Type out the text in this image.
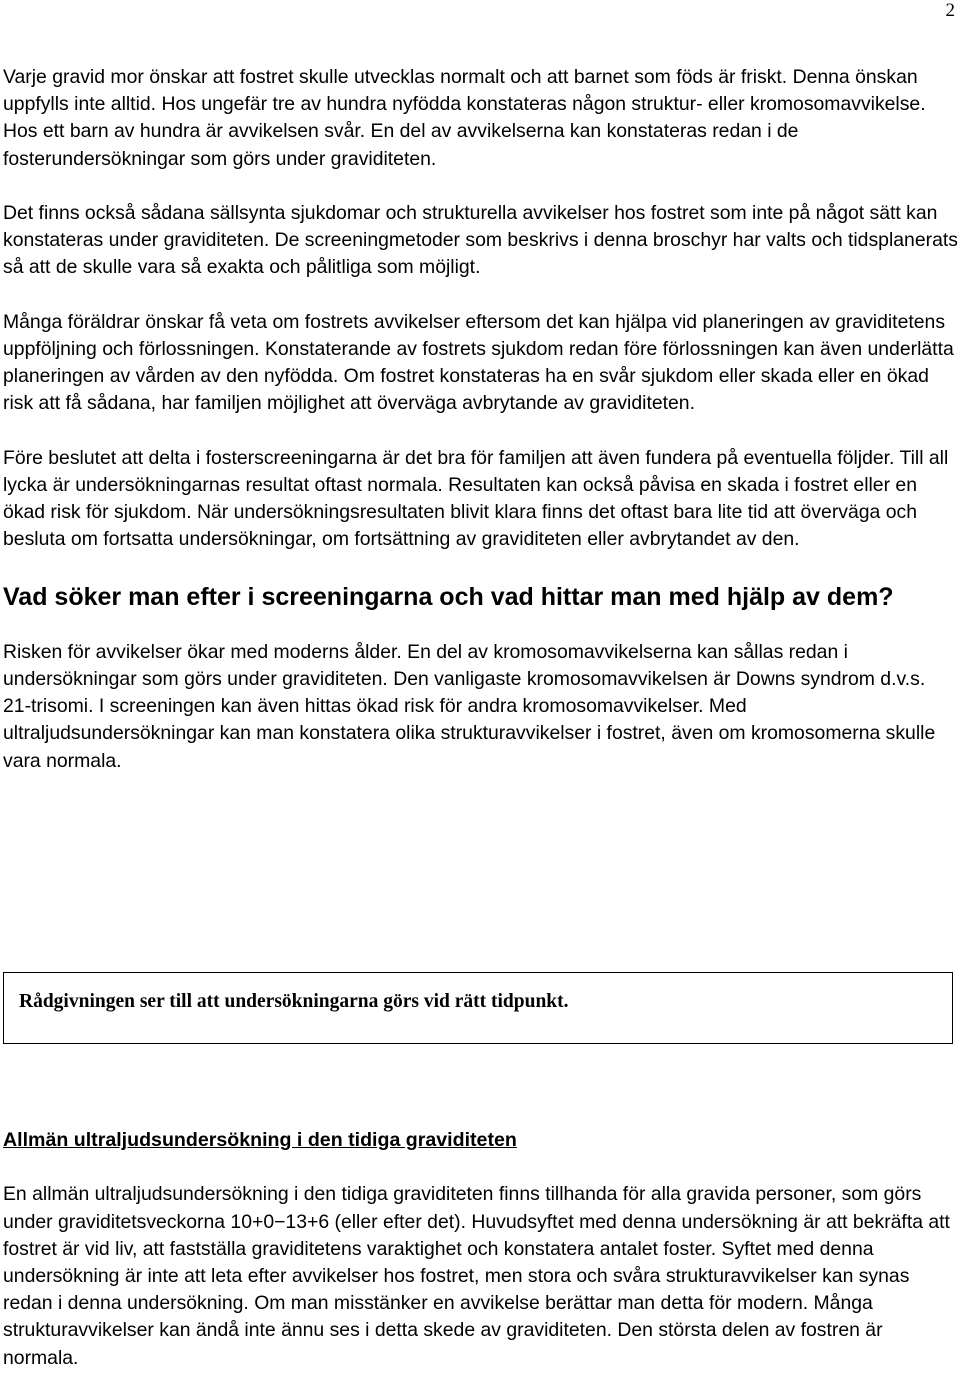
2

Varje gravid mor önskar att fostret skulle utvecklas normalt och att barnet som föds är friskt. Denna önskan uppfylls inte alltid. Hos ungefär tre av hundra nyfödda konstateras någon struktur- eller kromosomavvikelse. Hos ett barn av hundra är avvikelsen svår. En del av avvikelserna kan konstateras redan i de fosterundersökningar som görs under graviditeten.

Det finns också sådana sällsynta sjukdomar och strukturella avvikelser hos fostret som inte på något sätt kan konstateras under graviditeten. De screeningmetoder som beskrivs i denna broschyr har valts och tidsplanerats så att de skulle vara så exakta och pålitliga som möjligt.

Många föräldrar önskar få veta om fostrets avvikelser eftersom det kan hjälpa vid planeringen av graviditetens uppföljning och förlossningen. Konstaterande av fostrets sjukdom redan före förlossningen kan även underlätta planeringen av vården av den nyfödda. Om fostret konstateras ha en svår sjukdom eller skada eller en ökad risk att få sådana, har familjen möjlighet att överväga avbrytande av graviditeten.

Före beslutet att delta i fosterscreeningarna är det bra för familjen att även fundera på eventuella följder. Till all lycka är undersökningarnas resultat oftast normala. Resultaten kan också påvisa en skada i fostret eller en ökad risk för sjukdom. När undersökningsresultaten blivit klara finns det oftast bara lite tid att överväga och besluta om fortsatta undersökningar, om fortsättning av graviditeten eller avbrytandet av den.

Vad söker man efter i screeningarna och vad hittar man med hjälp av dem?

Risken för avvikelser ökar med moderns ålder. En del av kromosomavvikelserna kan sållas redan i undersökningar som görs under graviditeten. Den vanligaste kromosomavvikelsen är Downs syndrom d.v.s. 21-trisomi. I screeningen kan även hittas ökad risk för andra kromosomavvikelser. Med ultraljudsundersökningar kan man konstatera olika strukturavvikelser i fostret, även om kromosomerna skulle vara normala.

Rådgivningen ser till att undersökningarna görs vid rätt tidpunkt.
Allmän ultraljudsundersökning i den tidiga graviditeten

En allmän ultraljudsundersökning i den tidiga graviditeten finns tillhanda för alla gravida personer, som görs under graviditetsveckorna 10+0−13+6 (eller efter det). Huvudsyftet med denna undersökning är att bekräfta att fostret är vid liv, att fastställa graviditetens varaktighet och konstatera antalet foster. Syftet med denna undersökning är inte att leta efter avvikelser hos fostret, men stora och svåra strukturavvikelser kan synas redan i denna undersökning. Om man misstänker en avvikelse berättar man detta för modern. Många strukturavvikelser kan ändå inte ännu ses i detta skede av graviditeten. Den största delen av fostren är normala.
